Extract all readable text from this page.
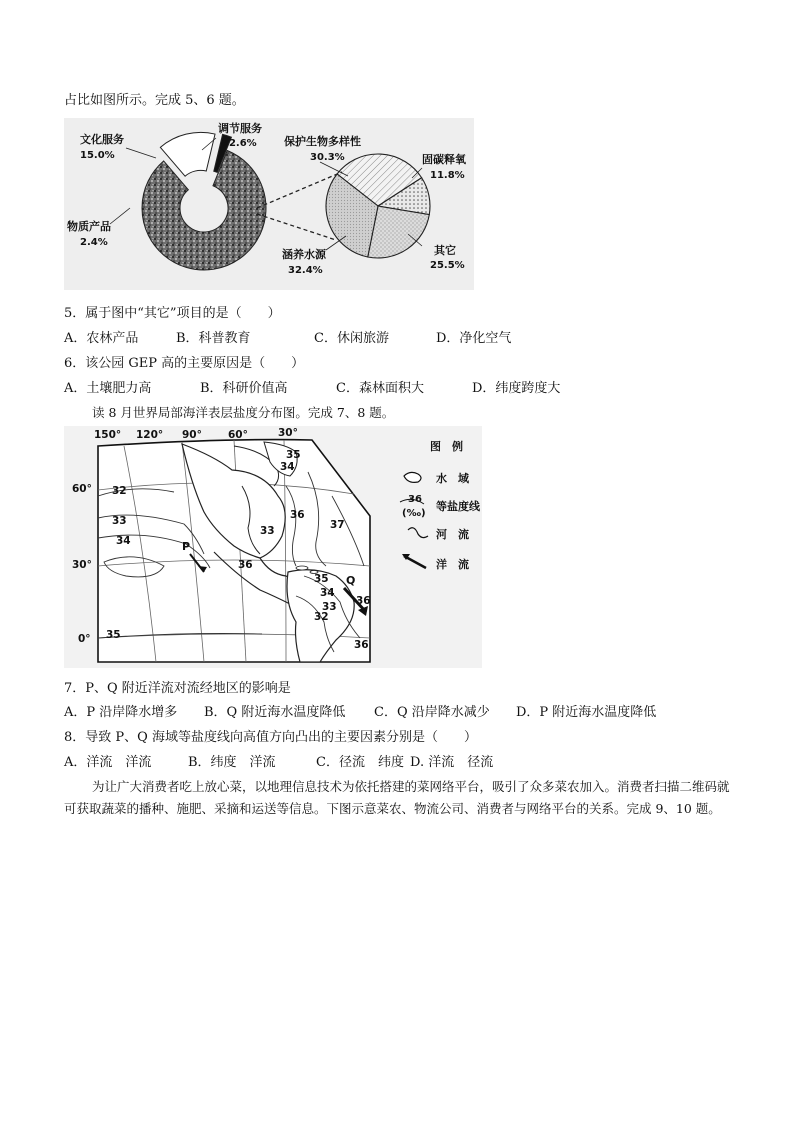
占比如图所示。完成 5、6 题。
文化服务
15.0%
物质产品
2.4%
调节服务
82.6% 保护生物多样性
30.3%	固碳释氧
11.8%
其它
25.5%
涵养水源
32.4%
5．属于图中“其它”项目的是（　　）
A．农林产品	B．科普教育	C．休闲旅游	D．净化空气
6．该公园 GEP 高的主要原因是（　　）
A．土壤肥力高	B．科研价值高	C．森林面积大	D．纬度跨度大
读 8 月世界局部海洋表层盐度分布图。完成 7、8 题。
150° 120° 90° 60°	30°
60°
30°
0°
35
32
33
34
35
34
33
36
37
36
35
34
36
33
32
36
P
Q
图　例
水　域
36
(‰)
等盐度线
河　流
洋　流
7．P、Q 附近洋流对流经地区的影响是
A．P 沿岸降水增多 B．Q 附近海水温度降低 C．Q 沿岸降水减少 D．P 附近海水温度降低
8．导致 P、Q 海域等盐度线向高值方向凸出的主要因素分别是（　　）
A．洋流　洋流	B．纬度　洋流	C．径流　纬度 D. 洋流　径流
为让广大消费者吃上放心菜，以地理信息技术为依托搭建的菜网络平台，吸引了众多菜农加入。消费者扫描二维码就可获取蔬菜的播种、施肥、采摘和运送等信息。下图示意菜农、物流公司、消费者与网络平台的关系。完成 9、10 题。
